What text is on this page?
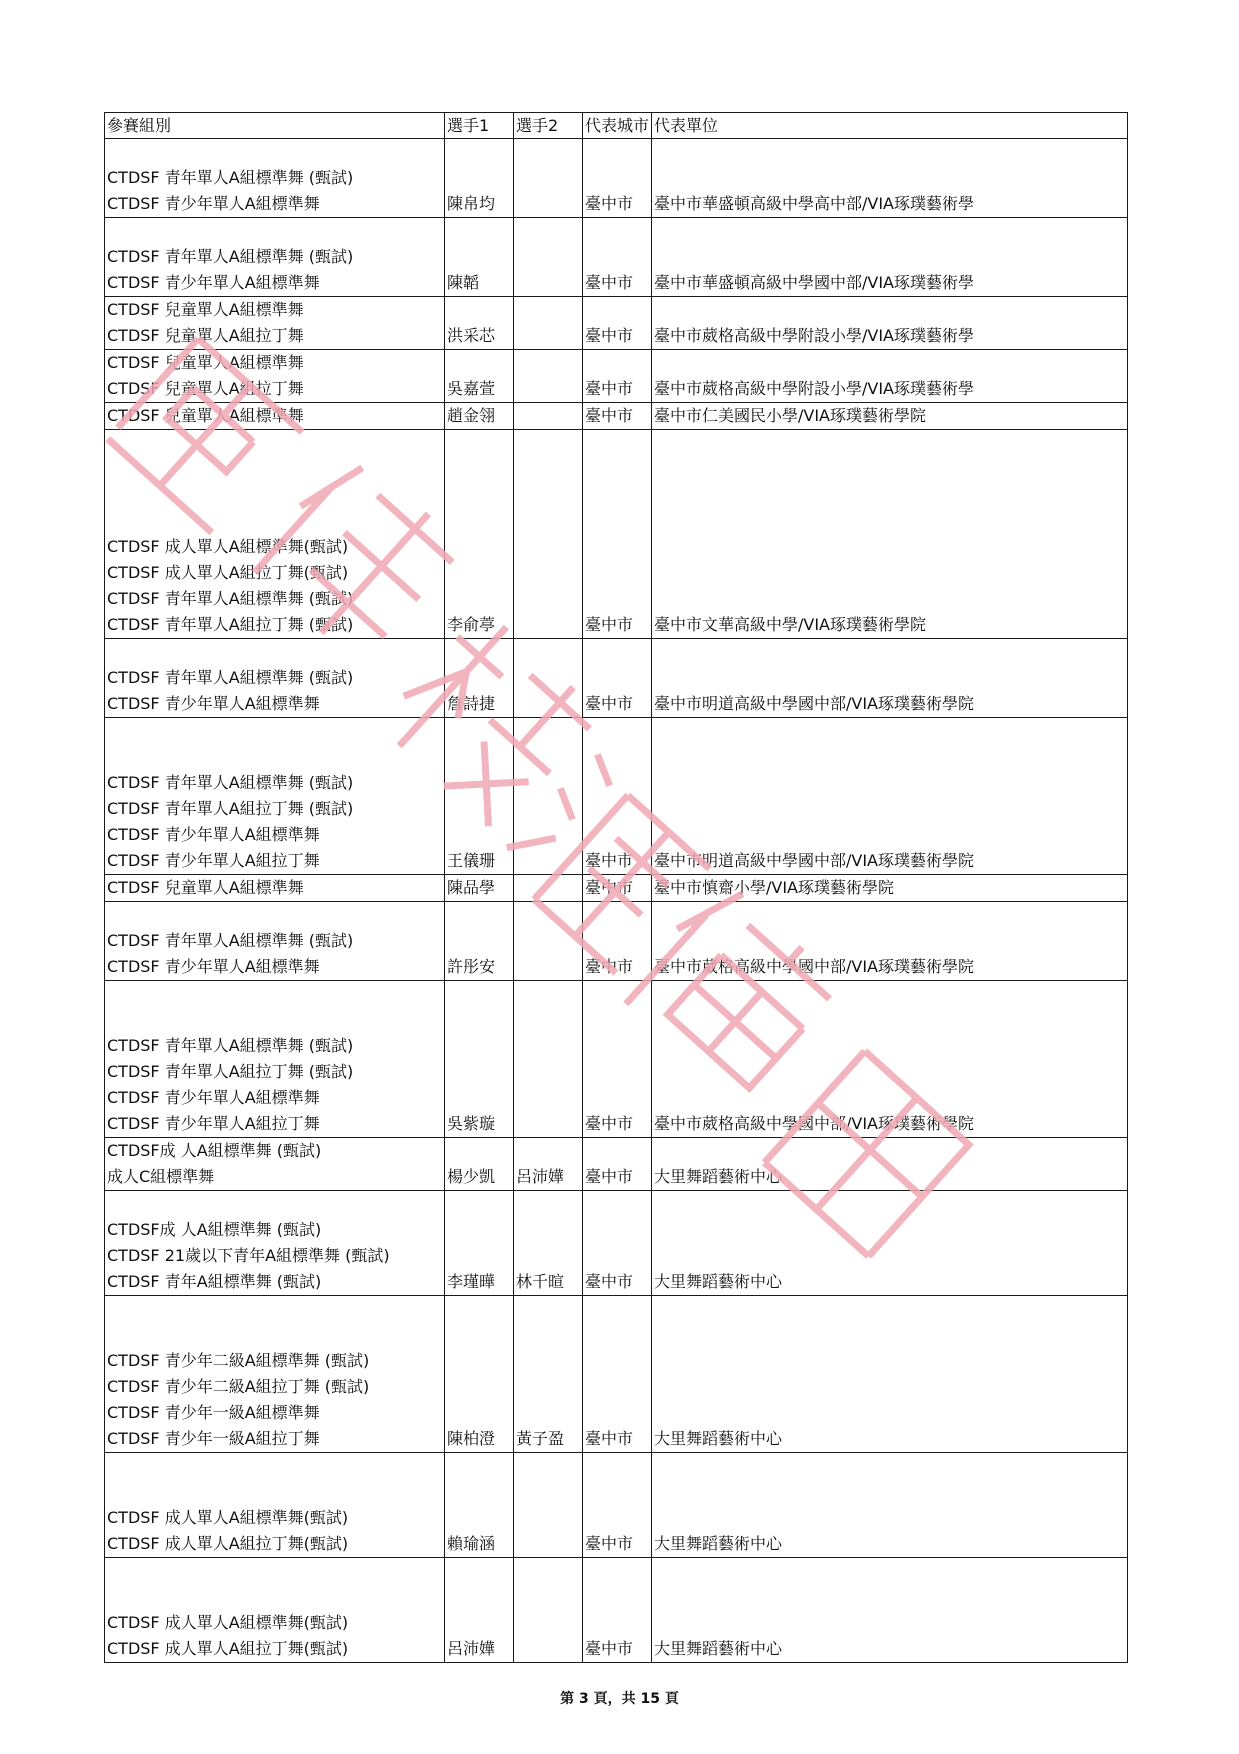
參賽組別	選手1	選手2	代表城市	代表單位

CTDSF 青年單人A組標準舞 (甄試)
CTDSF 青少年單人A組標準舞	陳帛均		臺中市	臺中市華盛頓高級中學高中部/VIA琢璞藝術學

CTDSF 青年單人A組標準舞 (甄試)
CTDSF 青少年單人A組標準舞	陳韜		臺中市	臺中市華盛頓高級中學國中部/VIA琢璞藝術學

CTDSF 兒童單人A組標準舞
CTDSF 兒童單人A組拉丁舞	洪采芯		臺中市	臺中市葳格高級中學附設小學/VIA琢璞藝術學

CTDSF 兒童單人A組標準舞
CTDSF 兒童單人A組拉丁舞	吳嘉萱		臺中市	臺中市葳格高級中學附設小學/VIA琢璞藝術學

CTDSF 兒童單人A組標準舞	趙金翎		臺中市	臺中市仁美國民小學/VIA琢璞藝術學院

CTDSF 成人單人A組標準舞(甄試)
CTDSF 成人單人A組拉丁舞(甄試)
CTDSF 青年單人A組標準舞 (甄試)
CTDSF 青年單人A組拉丁舞 (甄試)	李俞葶		臺中市	臺中市文華高級中學/VIA琢璞藝術學院

CTDSF 青年單人A組標準舞 (甄試)
CTDSF 青少年單人A組標準舞	詹詩捷		臺中市	臺中市明道高級中學國中部/VIA琢璞藝術學院

CTDSF 青年單人A組標準舞 (甄試)
CTDSF 青年單人A組拉丁舞 (甄試)
CTDSF 青少年單人A組標準舞
CTDSF 青少年單人A組拉丁舞	王儀珊		臺中市	臺中市明道高級中學國中部/VIA琢璞藝術學院

CTDSF 兒童單人A組標準舞	陳品學		臺中市	臺中市慎齋小學/VIA琢璞藝術學院

CTDSF 青年單人A組標準舞 (甄試)
CTDSF 青少年單人A組標準舞	許彤安		臺中市	臺中市葳格高級中學國中部/VIA琢璞藝術學院

CTDSF 青年單人A組標準舞 (甄試)
CTDSF 青年單人A組拉丁舞 (甄試)
CTDSF 青少年單人A組標準舞
CTDSF 青少年單人A組拉丁舞	吳紫璇		臺中市	臺中市葳格高級中學國中部/VIA琢璞藝術學院

CTDSF成 人A組標準舞 (甄試)
成人C組標準舞	楊少凱	呂沛嬅	臺中市	大里舞蹈藝術中心

CTDSF成 人A組標準舞 (甄試)
CTDSF 21歲以下青年A組標準舞 (甄試)
CTDSF 青年A組標準舞 (甄試)	李瑾曄	林千暄	臺中市	大里舞蹈藝術中心

CTDSF 青少年二級A組標準舞 (甄試)
CTDSF 青少年二級A組拉丁舞 (甄試)
CTDSF 青少年一級A組標準舞
CTDSF 青少年一級A組拉丁舞	陳柏澄	黃子盈	臺中市	大里舞蹈藝術中心

CTDSF 成人單人A組標準舞(甄試)
CTDSF 成人單人A組拉丁舞(甄試)	賴瑜涵		臺中市	大里舞蹈藝術中心

CTDSF 成人單人A組標準舞(甄試)
CTDSF 成人單人A組拉丁舞(甄試)	呂沛嬅		臺中市	大里舞蹈藝術中心
第 3 頁，共 15 頁
